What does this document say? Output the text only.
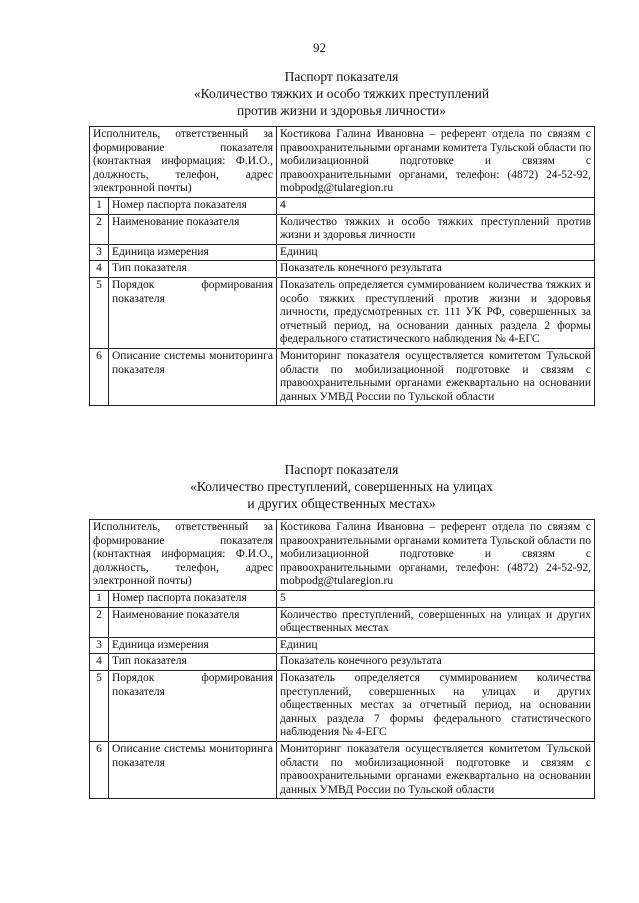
92
Паспорт показателя
«Количество тяжких и особо тяжких преступлений
против жизни и здоровья личности»
Исполнитель, ответственный за формирование показателя (контактная информация: Ф.И.О., должность, телефон, адрес электронной почты)		Костикова Галина Ивановна – референт отдела по связям с правоохранительными органами комитета Тульской области по мобилизационной подготовке и связям с правоохранительными органами, телефон: (4872) 24-52-92, mobpodg@tularegion.ru
1	Номер паспорта показателя	4
2	Наименование показателя	Количество тяжких и особо тяжких преступлений против жизни и здоровья личности
3	Единица измерения	Единиц
4	Тип показателя	Показатель конечного результата
5	Порядок формирования показателя	Показатель определяется суммированием количества тяжких и особо тяжких преступлений против жизни и здоровья личности, предусмотренных ст. 111 УК РФ, совершенных за отчетный период, на основании данных раздела 2 формы федерального статистического наблюдения № 4-ЕГС
6	Описание системы мониторинга показателя	Мониторинг показателя осуществляется комитетом Тульской области по мобилизационной подготовке и связям с правоохранительными органами ежеквартально на основании данных УМВД России по Тульской области
Паспорт показателя
«Количество преступлений, совершенных на улицах
и других общественных местах»
Исполнитель, ответственный за формирование показателя (контактная информация: Ф.И.О., должность, телефон, адрес электронной почты)		Костикова Галина Ивановна – референт отдела по связям с правоохранительными органами комитета Тульской области по мобилизационной подготовке и связям с правоохранительными органами, телефон: (4872) 24-52-92, mobpodg@tularegion.ru
1	Номер паспорта показателя	5
2	Наименование показателя	Количество преступлений, совершенных на улицах и других общественных местах
3	Единица измерения	Единиц
4	Тип показателя	Показатель конечного результата
5	Порядок формирования показателя	Показатель определяется суммированием количества преступлений, совершенных на улицах и других общественных местах за отчетный период, на основании данных раздела 7 формы федерального статистического наблюдения № 4-ЕГС
6	Описание системы мониторинга показателя	Мониторинг показателя осуществляется комитетом Тульской области по мобилизационной подготовке и связям с правоохранительными органами ежеквартально на основании данных УМВД России по Тульской области
